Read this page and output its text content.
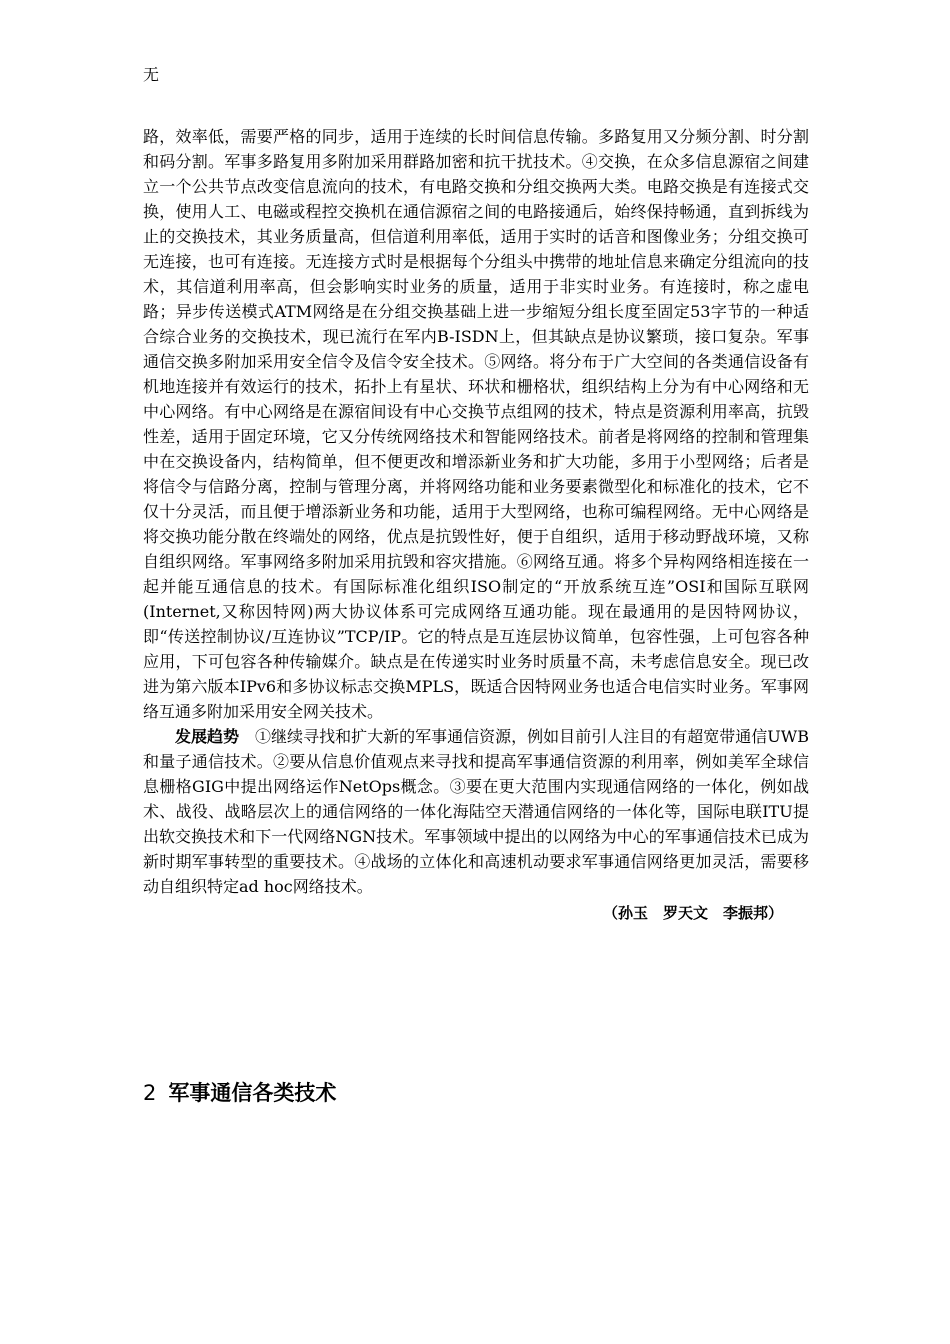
无

路，效率低，需要严格的同步，适用于连续的长时间信息传输。多路复用又分频分割、时分割和码分割。军事多路复用多附加采用群路加密和抗干扰技术。④交换，在众多信息源宿之间建立一个公共节点改变信息流向的技术，有电路交换和分组交换两大类。电路交换是有连接式交换，使用人工、电磁或程控交换机在通信源宿之间的电路接通后，始终保持畅通，直到拆线为止的交换技术，其业务质量高，但信道利用率低，适用于实时的话音和图像业务；分组交换可无连接，也可有连接。无连接方式时是根据每个分组头中携带的地址信息来确定分组流向的技术，其信道利用率高，但会影响实时业务的质量，适用于非实时业务。有连接时，称之虚电路；异步传送模式ATM网络是在分组交换基础上进一步缩短分组长度至固定53字节的一种适合综合业务的交换技术，现已流行在军内B-ISDN上，但其缺点是协议繁琐，接口复杂。军事通信交换多附加采用安全信令及信令安全技术。⑤网络。将分布于广大空间的各类通信设备有机地连接并有效运行的技术，拓扑上有星状、环状和栅格状，组织结构上分为有中心网络和无中心网络。有中心网络是在源宿间设有中心交换节点组网的技术，特点是资源利用率高，抗毁性差，适用于固定环境，它又分传统网络技术和智能网络技术。前者是将网络的控制和管理集中在交换设备内，结构简单，但不便更改和增添新业务和扩大功能，多用于小型网络；后者是将信令与信路分离，控制与管理分离，并将网络功能和业务要素微型化和标准化的技术，它不仅十分灵活，而且便于增添新业务和功能，适用于大型网络，也称可编程网络。无中心网络是将交换功能分散在终端处的网络，优点是抗毁性好，便于自组织，适用于移动野战环境，又称自组织网络。军事网络多附加采用抗毁和容灾措施。⑥网络互通。将多个异构网络相连接在一起并能互通信息的技术。有国际标准化组织ISO制定的“开放系统互连”OSI和国际互联网(Internet,又称因特网)两大协议体系可完成网络互通功能。现在最通用的是因特网协议，即“传送控制协议/互连协议”TCP/IP。它的特点是互连层协议简单，包容性强，上可包容各种应用，下可包容各种传输媒介。缺点是在传递实时业务时质量不高，未考虑信息安全。现已改进为第六版本IPv6和多协议标志交换MPLS，既适合因特网业务也适合电信实时业务。军事网络互通多附加采用安全网关技术。

发展趋势　 ①继续寻找和扩大新的军事通信资源，例如目前引人注目的有超宽带通信UWB和量子通信技术。②要从信息价值观点来寻找和提高军事通信资源的利用率，例如美军全球信息栅格GIG中提出网络运作NetOps概念。③要在更大范围内实现通信网络的一体化，例如战术、战役、战略层次上的通信网络的一体化海陆空天潜通信网络的一体化等，国际电联ITU提出软交换技术和下一代网络NGN技术。军事领域中提出的以网络为中心的军事通信技术已成为新时期军事转型的重要技术。④战场的立体化和高速机动要求军事通信网络更加灵活，需要移动自组织特定ad hoc网络技术。

（孙玉　罗天文　李振邦）

2 军事通信各类技术
